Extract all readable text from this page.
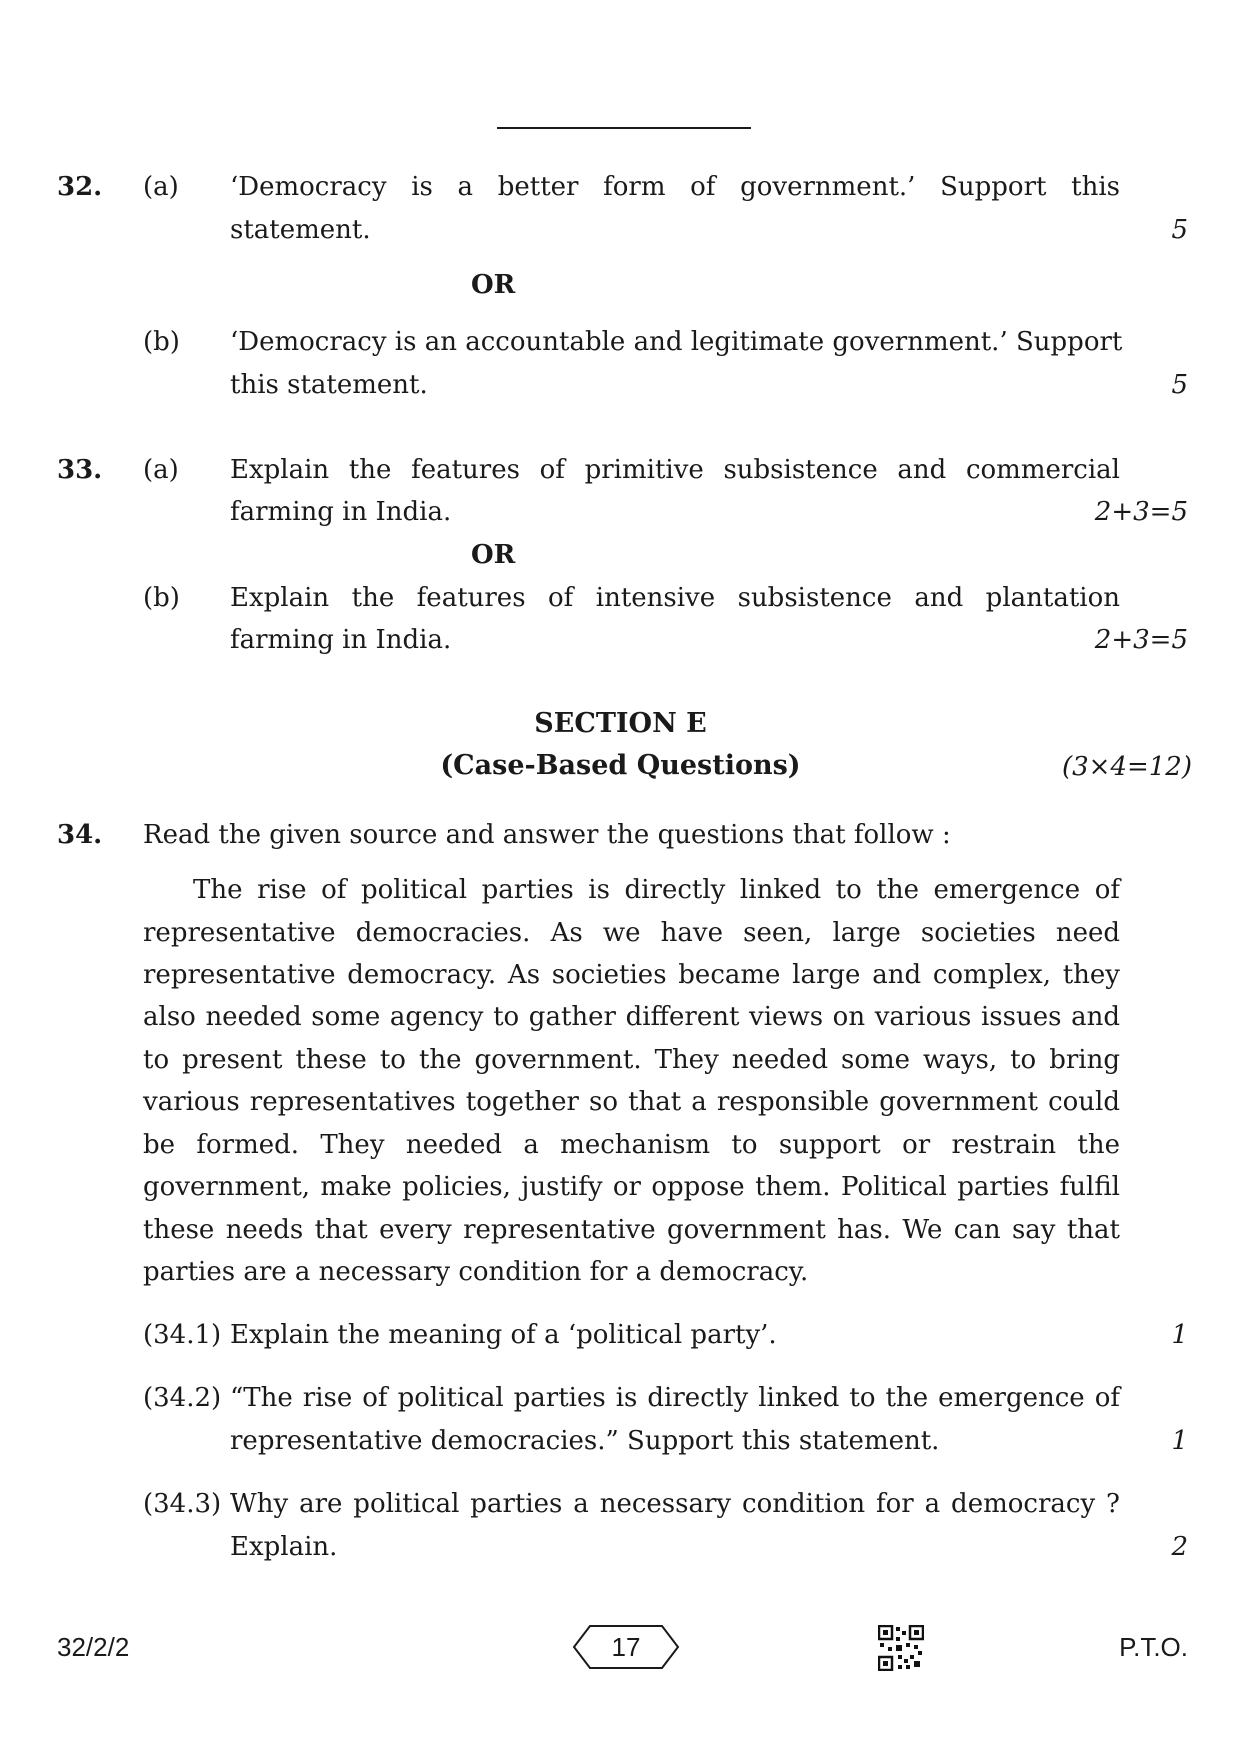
32. (a) ‘Democracy is a better form of government.’ Support this
statement.	5
OR
(b) ‘Democracy is an accountable and legitimate government.’ Support
this statement.	5
33. (a) Explain the features of primitive subsistence and commercial
farming in India.	2+3=5
OR
(b) Explain the features of intensive subsistence and plantation
farming in India.	2+3=5
SECTION E
(Case-Based Questions)	(3×4=12)
34. Read the given source and answer the questions that follow :
The rise of political parties is directly linked to the emergence of
representative democracies. As we have seen, large societies need
representative democracy. As societies became large and complex, they
also needed some agency to gather different views on various issues and
to present these to the government. They needed some ways, to bring
various representatives together so that a responsible government could
be formed. They needed a mechanism to support or restrain the
government, make policies, justify or oppose them. Political parties fulfil
these needs that every representative government has. We can say that
parties are a necessary condition for a democracy.
(34.1) Explain the meaning of a ‘political party’.	1
(34.2) “The rise of political parties is directly linked to the emergence of
representative democracies.” Support this statement.	1
(34.3) Why are political parties a necessary condition for a democracy ?
Explain.	2
32/2/2	17	P.T.O.
